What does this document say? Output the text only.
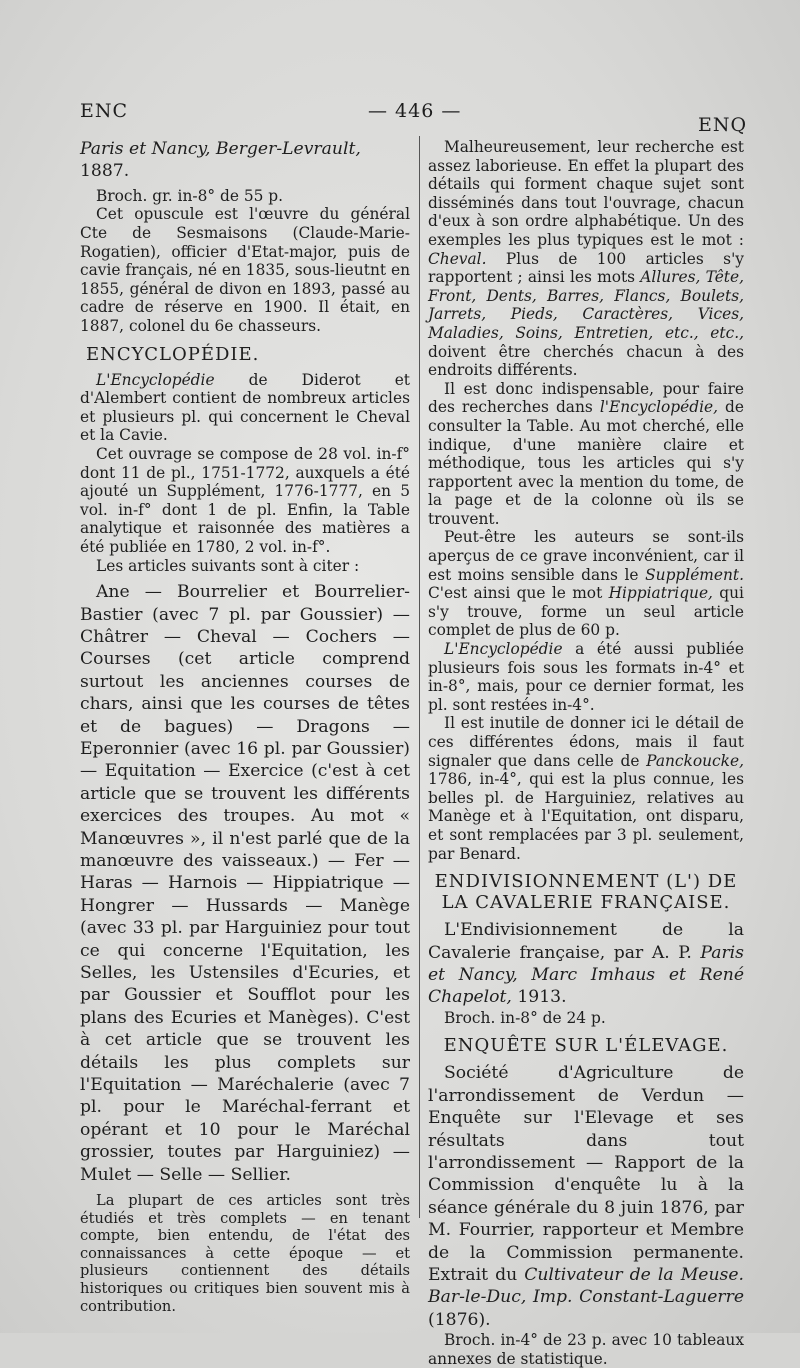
ENC	— 446 —
ENQ

Paris et Nancy, Berger-Levrault,
1887.

Broch. gr. in-8° de 55 p.

Cet opuscule est l'œuvre du général Cte de Sesmaisons (Claude-Marie-Rogatien), officier d'Etat-major, puis de cavie français, né en 1835, sous-lieutnt en 1855, général de divon en 1893, passé au cadre de réserve en 1900. Il était, en 1887, colonel du 6e chasseurs.

ENCYCLOPÉDIE.

L'Encyclopédie de Diderot et d'Alembert contient de nombreux articles et plusieurs pl. qui concernent le Cheval et la Cavie.

Cet ouvrage se compose de 28 vol. in-f° dont 11 de pl., 1751-1772, auxquels a été ajouté un Supplément, 1776-1777, en 5 vol. in-f° dont 1 de pl. Enfin, la Table analytique et raisonnée des matières a été publiée en 1780, 2 vol. in-f°.

Les articles suivants sont à citer :

Ane — Bourrelier et Bourrelier-Bastier (avec 7 pl. par Goussier) — Châtrer — Cheval — Cochers — Courses (cet article comprend surtout les anciennes courses de chars, ainsi que les courses de têtes et de bagues) — Dragons — Eperonnier (avec 16 pl. par Goussier) — Equitation — Exercice (c'est à cet article que se trouvent les différents exercices des troupes. Au mot « Manœuvres », il n'est parlé que de la manœuvre des vaisseaux.) — Fer — Haras — Harnois — Hippiatrique — Hongrer — Hussards — Manège (avec 33 pl. par Harguiniez pour tout ce qui concerne l'Equitation, les Selles, les Ustensiles d'Ecuries, et par Goussier et Soufflot pour les plans des Ecuries et Manèges). C'est à cet article que se trouvent les détails les plus complets sur l'Equitation — Maréchalerie (avec 7 pl. pour le Maréchal-ferrant et opérant et 10 pour le Maréchal grossier, toutes par Harguiniez) — Mulet — Selle — Sellier.

La plupart de ces articles sont très étudiés et très complets — en tenant compte, bien entendu, de l'état des connaissances à cette époque — et plusieurs contiennent des détails historiques ou critiques bien souvent mis à contribution.

Malheureusement, leur recherche est assez laborieuse. En effet la plupart des détails qui forment chaque sujet sont disséminés dans tout l'ouvrage, chacun d'eux à son ordre alphabétique. Un des exemples les plus typiques est le mot : Cheval. Plus de 100 articles s'y rapportent ; ainsi les mots Allures, Tête, Front, Dents, Barres, Flancs, Boulets, Jarrets, Pieds, Caractères, Vices, Maladies, Soins, Entretien, etc., etc., doivent être cherchés chacun à des endroits différents.

Il est donc indispensable, pour faire des recherches dans l'Encyclopédie, de consulter la Table. Au mot cherché, elle indique, d'une manière claire et méthodique, tous les articles qui s'y rapportent avec la mention du tome, de la page et de la colonne où ils se trouvent.

Peut-être les auteurs se sont-ils aperçus de ce grave inconvénient, car il est moins sensible dans le Supplément. C'est ainsi que le mot Hippiatrique, qui s'y trouve, forme un seul article complet de plus de 60 p.

L'Encyclopédie a été aussi publiée plusieurs fois sous les formats in-4° et in-8°, mais, pour ce dernier format, les pl. sont restées in-4°.

Il est inutile de donner ici le détail de ces différentes édons, mais il faut signaler que dans celle de Panckoucke, 1786, in-4°, qui est la plus connue, les belles pl. de Harguiniez, relatives au Manège et à l'Equitation, ont disparu, et sont remplacées par 3 pl. seulement, par Benard.

ENDIVISIONNEMENT (L') DE LA CAVALERIE FRANÇAISE.

L'Endivisionnement de la Cavalerie française, par A. P. Paris et Nancy, Marc Imhaus et René Chapelot, 1913.

Broch. in-8° de 24 p.

ENQUÊTE SUR L'ÉLEVAGE.

Société d'Agriculture de l'arrondissement de Verdun — Enquête sur l'Elevage et ses résultats dans tout l'arrondissement — Rapport de la Commission d'enquête lu à la séance générale du 8 juin 1876, par M. Fourrier, rapporteur et Membre de la Commission permanente. Extrait du Cultivateur de la Meuse. Bar-le-Duc, Imp. Constant-Laguerre (1876).

Broch. in-4° de 23 p. avec 10 tableaux annexes de statistique.
